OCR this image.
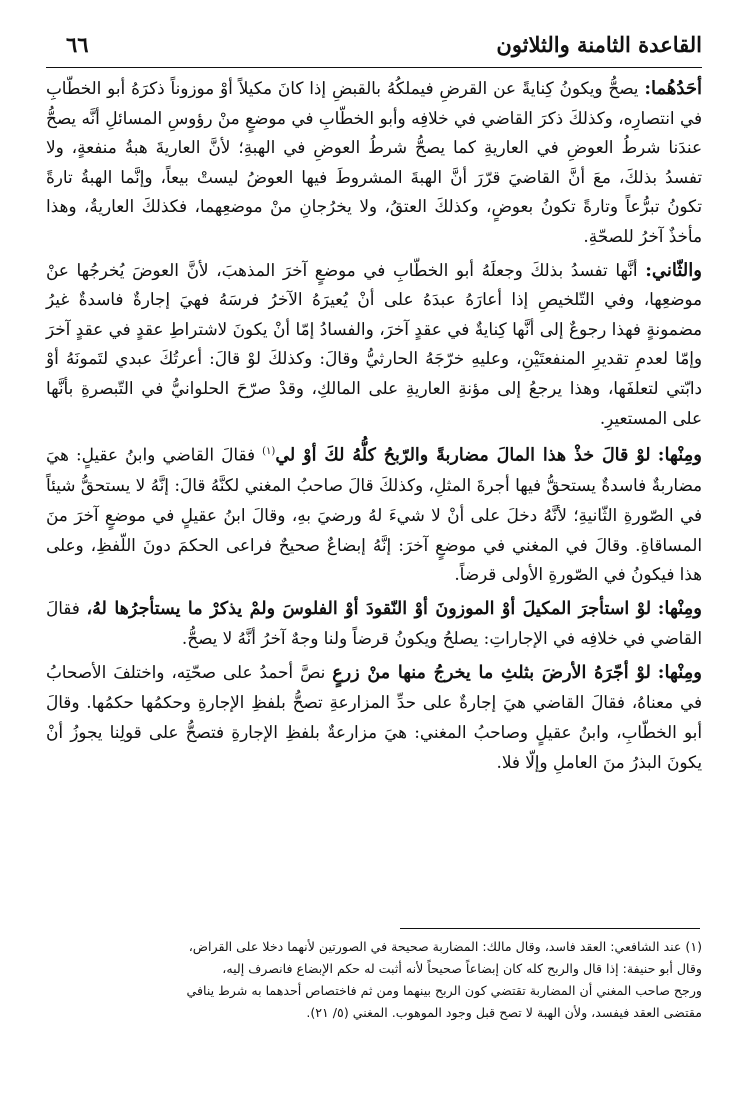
القاعدة الثامنة والثلاثون
٦٦

أحَدُهُما: يصحُّ ويكونُ كِنايةً عن القرضِ فيملكُهُ بالقبضِ إذا كانَ مكيلاً أوْ موزوناً ذكرَهُ أبو الخطّابِ في انتصارِه، وكذلكَ ذكرَ القاضي في خلافِه وأبو الخطّابِ في موضعٍ منْ رؤوسِ المسائلِ أنَّه يصحُّ عندَنا شرطُ العوضِ في العاريةِ كما يصحُّ شرطُ العوضِ في الهبةِ؛ لأنَّ العاريةَ هبةُ منفعةٍ، ولا تفسدُ بذلكَ، معَ أنَّ القاضيَ قرّرَ أنَّ الهبةَ المشروطَ فيها العوضُ ليستْ بيعاً، وإنَّما الهبةُ تارةً تكونُ تبرُّعاً وتارةً تكونُ بعوضٍ، وكذلكَ العتقُ، ولا يخرُجانِ منْ موضعِهما، فكذلكَ العاريةُ، وهذا مأخذٌ آخرُ للصحّةِ.

والثّاني: أنَّها تفسدُ بذلكَ وجعلَهُ أبو الخطّابِ في موضعٍ آخرَ المذهبَ، لأنَّ العوضَ يُخرجُها عنْ موضعِها، وفي التّلخيصِ إذا أعارَهُ عبدَهُ على أنْ يُعيرَهُ الآخرُ فرسَهُ فهيَ إجارةٌ فاسدةٌ غيرُ مضمونةٍ فهذا رجوعٌ إلى أنَّها كِنايةٌ في عقدٍ آخرَ، والفسادُ إمّا أنْ يكونَ لاشتراطِ عقدٍ في عقدٍ آخرَ وإمّا لعدمِ تقديرِ المنفعتَيْنِ، وعليهِ خرّجَهُ الحارثيُّ وقالَ: وكذلكَ لوْ قالَ: أعرتُكَ عبدي لتَمونَهُ أوْ دابّتي لتعلفَها، وهذا يرجعُ إلى مؤنةِ العاريةِ على المالكِ، وقدْ صرّحَ الحلوانيُّ في التّبصرةِ بأنَّها على المستعيرِ.

ومِنْها: لوْ قالَ خذْ هذا المالَ مضاربةً والرّبحُ كلُّهُ لكَ أوْ لي$^{(١)}$ فقالَ القاضي وابنُ عقيلٍ: هيَ مضاربةٌ فاسدةٌ يستحقُّ فيها أجرةَ المثلِ، وكذلكَ قالَ صاحبُ المغني لكنَّهُ قالَ: إنَّهُ لا يستحقُّ شيئاً في الصّورةِ الثّانيةِ؛ لأنَّهُ دخلَ على أنْ لا شيءَ لهُ ورضيَ بهِ، وقالَ ابنُ عقيلٍ في موضعٍ آخرَ منَ المساقاةِ. وقالَ في المغني في موضعٍ آخرَ: إنَّهُ إبضاعٌ صحيحٌ فراعى الحكمَ دونَ اللّفظِ، وعلى هذا فيكونُ في الصّورةِ الأولى قرضاً.

ومِنْها: لوْ استأجرَ المكيلَ أوْ الموزونَ أوْ النّقودَ أوْ الفلوسَ ولمْ يذكرْ ما يستأجرُها لهُ، فقالَ القاضي في خلافِه في الإجاراتِ: يصلحُ ويكونُ قرضاً ولنا وجهٌ آخرُ أنَّهُ لا يصحُّ.

ومِنْها: لوْ أجّرَهُ الأرضَ بثلثِ ما يخرجُ منها منْ زرعٍ نصَّ أحمدُ على صحّتِه، واختلفَ الأصحابُ في معناهُ، فقالَ القاضي هيَ إجارةٌ على حدِّ المزارعةِ تصحُّ بلفظِ الإجارةِ وحكمُها حكمُها. وقالَ أبو الخطّابِ، وابنُ عقيلٍ وصاحبُ المغني: هيَ مزارعةٌ بلفظِ الإجارةِ فتصحُّ على قولِنا يجوزُ أنْ يكونَ البذرُ منَ العاملِ وإلّا فلا.

(١) عند الشافعي: العقد فاسد، وقال مالك: المضاربة صحيحة في الصورتين لأنهما دخلا على القراض،

وقال أبو حنيفة: إذا قال والربح كله كان إبضاعاً صحيحاً لأنه أثبت له حكم الإبضاع فانصرف إليه،

ورجح صاحب المغني أن المضاربة تقتضي كون الربح بينهما ومن ثم فاختصاص أحدهما به شرط ينافي

مقتضى العقد فيفسد، ولأن الهبة لا تصح قبل وجود الموهوب. المغني (٥/ ٢١).
